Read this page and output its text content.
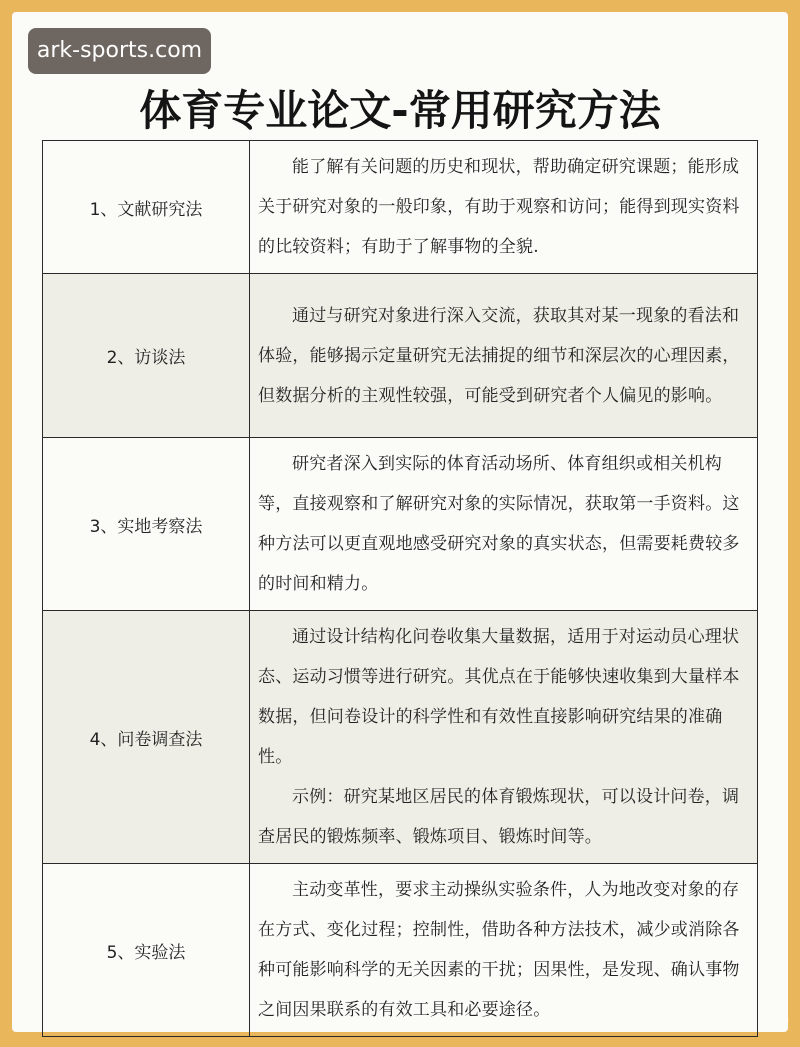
ark-sports.com
体育专业论文-常用研究方法
1、文献研究法	能了解有关问题的历史和现状，帮助确定研究课题；能形成关于研究对象的一般印象，有助于观察和访问；能得到现实资料的比较资料；有助于了解事物的全貌.

2、访谈法	通过与研究对象进行深入交流，获取其对某一现象的看法和体验，能够揭示定量研究无法捕捉的细节和深层次的心理因素，但数据分析的主观性较强，可能受到研究者个人偏见的影响。

3、实地考察法	研究者深入到实际的体育活动场所、体育组织或相关机构等，直接观察和了解研究对象的实际情况，获取第一手资料。这种方法可以更直观地感受研究对象的真实状态，但需要耗费较多的时间和精力。

4、问卷调查法	通过设计结构化问卷收集大量数据，适用于对运动员心理状态、运动习惯等进行研究。其优点在于能够快速收集到大量样本数据，但问卷设计的科学性和有效性直接影响研究结果的准确性。

示例：研究某地区居民的体育锻炼现状，可以设计问卷，调查居民的锻炼频率、锻炼项目、锻炼时间等。

5、实验法	主动变革性，要求主动操纵实验条件，人为地改变对象的存在方式、变化过程；控制性，借助各种方法技术，减少或消除各种可能影响科学的无关因素的干扰；因果性，是发现、确认事物之间因果联系的有效工具和必要途径。
